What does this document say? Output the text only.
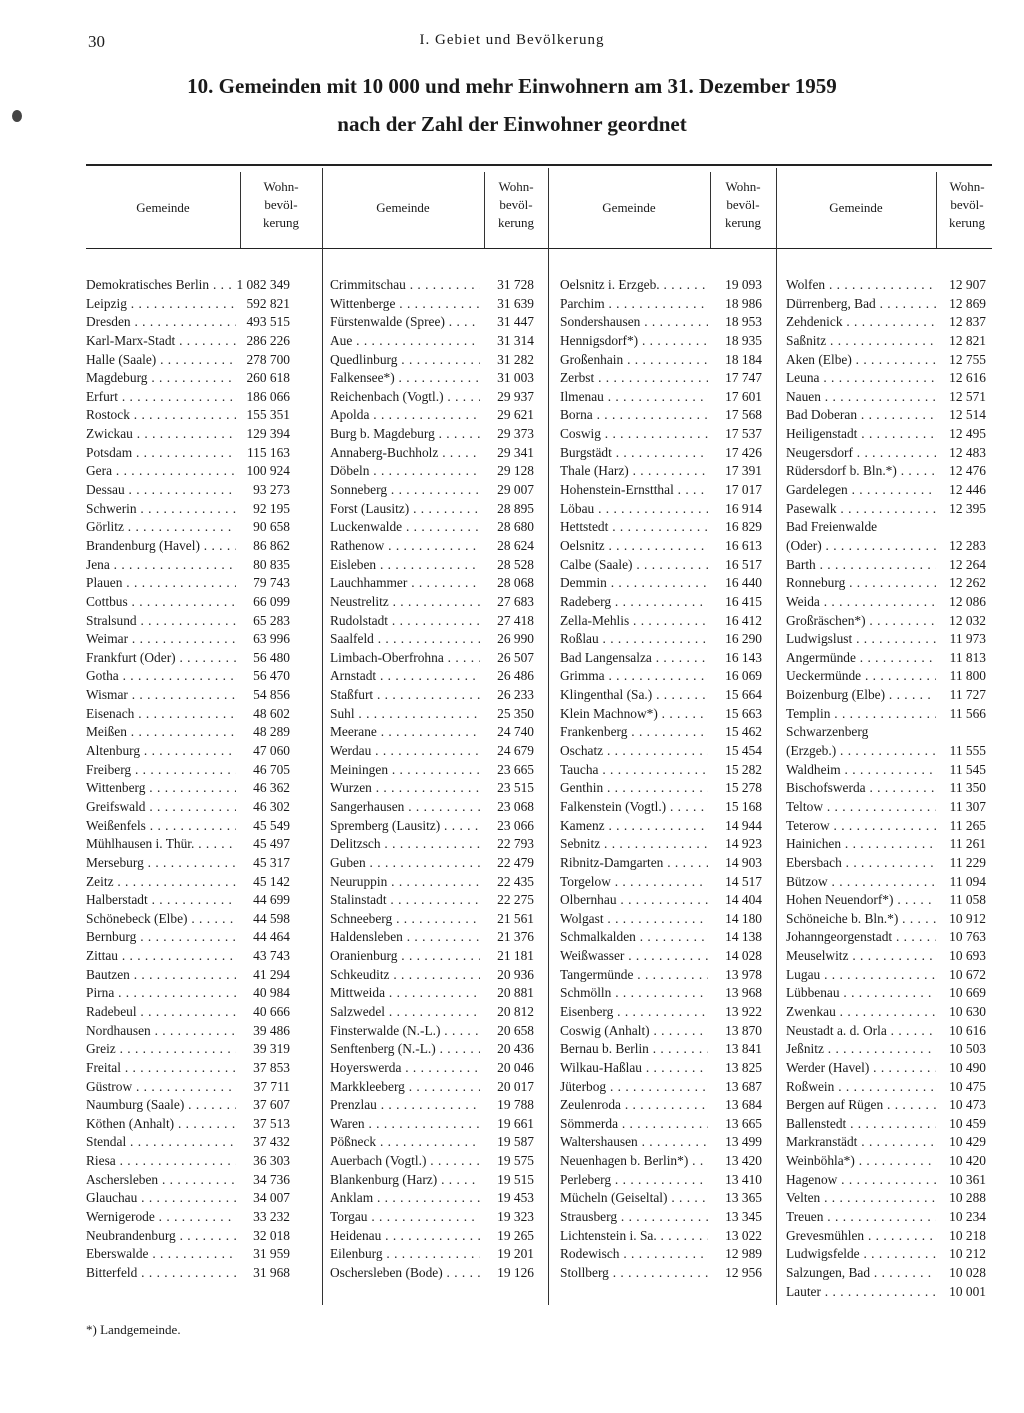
30	I. Gebiet und Bevölkerung
10. Gemeinden mit 10 000 und mehr Einwohnern am 31. Dezember 1959
nach der Zahl der Einwohner geordnet
Gemeinde
Wohn-
bevöl-
kerung
Gemeinde
Wohn-
bevöl-
kerung
Gemeinde
Wohn-
bevöl-
kerung
Gemeinde
Wohn-
bevöl-
kerung
Demokratisches Berlin . . .	1 082 349
Leipzig . . .	592 821
Dresden . . .	493 515
Karl-Marx-Stadt . . .	286 226
Halle (Saale) . . .	278 700
Magdeburg . . .	260 618
Erfurt . . .	186 066
Rostock . . .	155 351
Zwickau . . .	129 394
Potsdam . . .	115 163
Gera . . .	100 924
Dessau . . .	93 273
Schwerin . . .	92 195
Görlitz . . .	90 658
Brandenburg (Havel) . . .	86 862
Jena . . .	80 835
Plauen . . .	79 743
Cottbus . . .	66 099
Stralsund . . .	65 283
Weimar . . .	63 996
Frankfurt (Oder) . . .	56 480
Gotha . . .	56 470
Wismar . . .	54 856
Eisenach . . .	48 602
Meißen . . .	48 289
Altenburg . . .	47 060
Freiberg . . .	46 705
Wittenberg . . .	46 362
Greifswald . . .	46 302
Weißenfels . . .	45 549
Mühlhausen i. Thür. . . .	45 497
Merseburg . . .	45 317
Zeitz . . .	45 142
Halberstadt . . .	44 699
Schönebeck (Elbe) . . .	44 598
Bernburg . . .	44 464
Zittau . . .	43 743
Bautzen . . .	41 294
Pirna . . .	40 984
Radebeul . . .	40 666
Nordhausen . . .	39 486
Greiz . . .	39 319
Freital . . .	37 853
Güstrow . . .	37 711
Naumburg (Saale) . . .	37 607
Köthen (Anhalt) . . .	37 513
Stendal . . .	37 432
Riesa . . .	36 303
Aschersleben . . .	34 736
Glauchau . . .	34 007
Wernigerode . . .	33 232
Neubrandenburg . . .	32 018
Eberswalde . . .	31 959
Bitterfeld . . .	31 968
Crimmitschau . . .	31 728
Wittenberge . . .	31 639
Fürstenwalde (Spree) . . .	31 447
Aue . . .	31 314
Quedlinburg . . .	31 282
Falkensee*) . . .	31 003
Reichenbach (Vogtl.) . . .	29 937
Apolda . . .	29 621
Burg b. Magdeburg . . .	29 373
Annaberg-Buchholz . . .	29 341
Döbeln . . .	29 128
Sonneberg . . .	29 007
Forst (Lausitz) . . .	28 895
Luckenwalde . . .	28 680
Rathenow . . .	28 624
Eisleben . . .	28 528
Lauchhammer . . .	28 068
Neustrelitz . . .	27 683
Rudolstadt . . .	27 418
Saalfeld . . .	26 990
Limbach-Oberfrohna . . .	26 507
Arnstadt . . .	26 486
Staßfurt . . .	26 233
Suhl . . .	25 350
Meerane . . .	24 740
Werdau . . .	24 679
Meiningen . . .	23 665
Wurzen . . .	23 515
Sangerhausen . . .	23 068
Spremberg (Lausitz) . . .	23 066
Delitzsch . . .	22 793
Guben . . .	22 479
Neuruppin . . .	22 435
Stalinstadt . . .	22 275
Schneeberg . . .	21 561
Haldensleben . . .	21 376
Oranienburg . . .	21 181
Schkeuditz . . .	20 936
Mittweida . . .	20 881
Salzwedel . . .	20 812
Finsterwalde (N.-L.) . . .	20 658
Senftenberg (N.-L.) . . .	20 436
Hoyerswerda . . .	20 046
Markkleeberg . . .	20 017
Prenzlau . . .	19 788
Waren . . .	19 661
Pößneck . . .	19 587
Auerbach (Vogtl.) . . .	19 575
Blankenburg (Harz) . . .	19 515
Anklam . . .	19 453
Torgau . . .	19 323
Heidenau . . .	19 265
Eilenburg . . .	19 201
Oschersleben (Bode) . . .	19 126
Oelsnitz i. Erzgeb. . . .	19 093
Parchim . . .	18 986
Sondershausen . . .	18 953
Hennigsdorf*) . . .	18 935
Großenhain . . .	18 184
Zerbst . . .	17 747
Ilmenau . . .	17 601
Borna . . .	17 568
Coswig . . .	17 537
Burgstädt . . .	17 426
Thale (Harz) . . .	17 391
Hohenstein-Ernstthal . . .	17 017
Löbau . . .	16 914
Hettstedt . . .	16 829
Oelsnitz . . .	16 613
Calbe (Saale) . . .	16 517
Demmin . . .	16 440
Radeberg . . .	16 415
Zella-Mehlis . . .	16 412
Roßlau . . .	16 290
Bad Langensalza . . .	16 143
Grimma . . .	16 069
Klingenthal (Sa.) . . .	15 664
Klein Machnow*) . . .	15 663
Frankenberg . . .	15 462
Oschatz . . .	15 454
Taucha . . .	15 282
Genthin . . .	15 278
Falkenstein (Vogtl.) . . .	15 168
Kamenz . . .	14 944
Sebnitz . . .	14 923
Ribnitz-Damgarten . . .	14 903
Torgelow . . .	14 517
Olbernhau . . .	14 404
Wolgast . . .	14 180
Schmalkalden . . .	14 138
Weißwasser . . .	14 028
Tangermünde . . .	13 978
Schmölln . . .	13 968
Eisenberg . . .	13 922
Coswig (Anhalt) . . .	13 870
Bernau b. Berlin . . .	13 841
Wilkau-Haßlau . . .	13 825
Jüterbog . . .	13 687
Zeulenroda . . .	13 684
Sömmerda . . .	13 665
Waltershausen . . .	13 499
Neuenhagen b. Berlin*) . . .	13 420
Perleberg . . .	13 410
Mücheln (Geiseltal) . . .	13 365
Strausberg . . .	13 345
Lichtenstein i. Sa. . . .	13 022
Rodewisch . . .	12 989
Stollberg . . .	12 956
Wolfen . . .	12 907
Dürrenberg, Bad . . .	12 869
Zehdenick . . .	12 837
Saßnitz . . .	12 821
Aken (Elbe) . . .	12 755
Leuna . . .	12 616
Nauen . . .	12 571
Bad Doberan . . .	12 514
Heiligenstadt . . .	12 495
Neugersdorf . . .	12 483
Rüdersdorf b. Bln.*) . . .	12 476
Gardelegen . . .	12 446
Pasewalk . . .	12 395
Bad Freienwalde
(Oder) . . .	12 283
Barth . . .	12 264
Ronneburg . . .	12 262
Weida . . .	12 086
Großräschen*) . . .	12 032
Ludwigslust . . .	11 973
Angermünde . . .	11 813
Ueckermünde . . .	11 800
Boizenburg (Elbe) . . .	11 727
Templin . . .	11 566
Schwarzenberg
(Erzgeb.) . . .	11 555
Waldheim . . .	11 545
Bischofswerda . . .	11 350
Teltow . . .	11 307
Teterow . . .	11 265
Hainichen . . .	11 261
Ebersbach . . .	11 229
Bützow . . .	11 094
Hohen Neuendorf*) . . .	11 058
Schöneiche b. Bln.*) . . .	10 912
Johanngeorgenstadt . . .	10 763
Meuselwitz . . .	10 693
Lugau . . .	10 672
Lübbenau . . .	10 669
Zwenkau . . .	10 630
Neustadt a. d. Orla . . .	10 616
Jeßnitz . . .	10 503
Werder (Havel) . . .	10 490
Roßwein . . .	10 475
Bergen auf Rügen . . .	10 473
Ballenstedt . . .	10 459
Markranstädt . . .	10 429
Weinböhla*) . . .	10 420
Hagenow . . .	10 361
Velten . . .	10 288
Treuen . . .	10 234
Grevesmühlen . . .	10 218
Ludwigsfelde . . .	10 212
Salzungen, Bad . . .	10 028
Lauter . . .	10 001
*) Landgemeinde.
